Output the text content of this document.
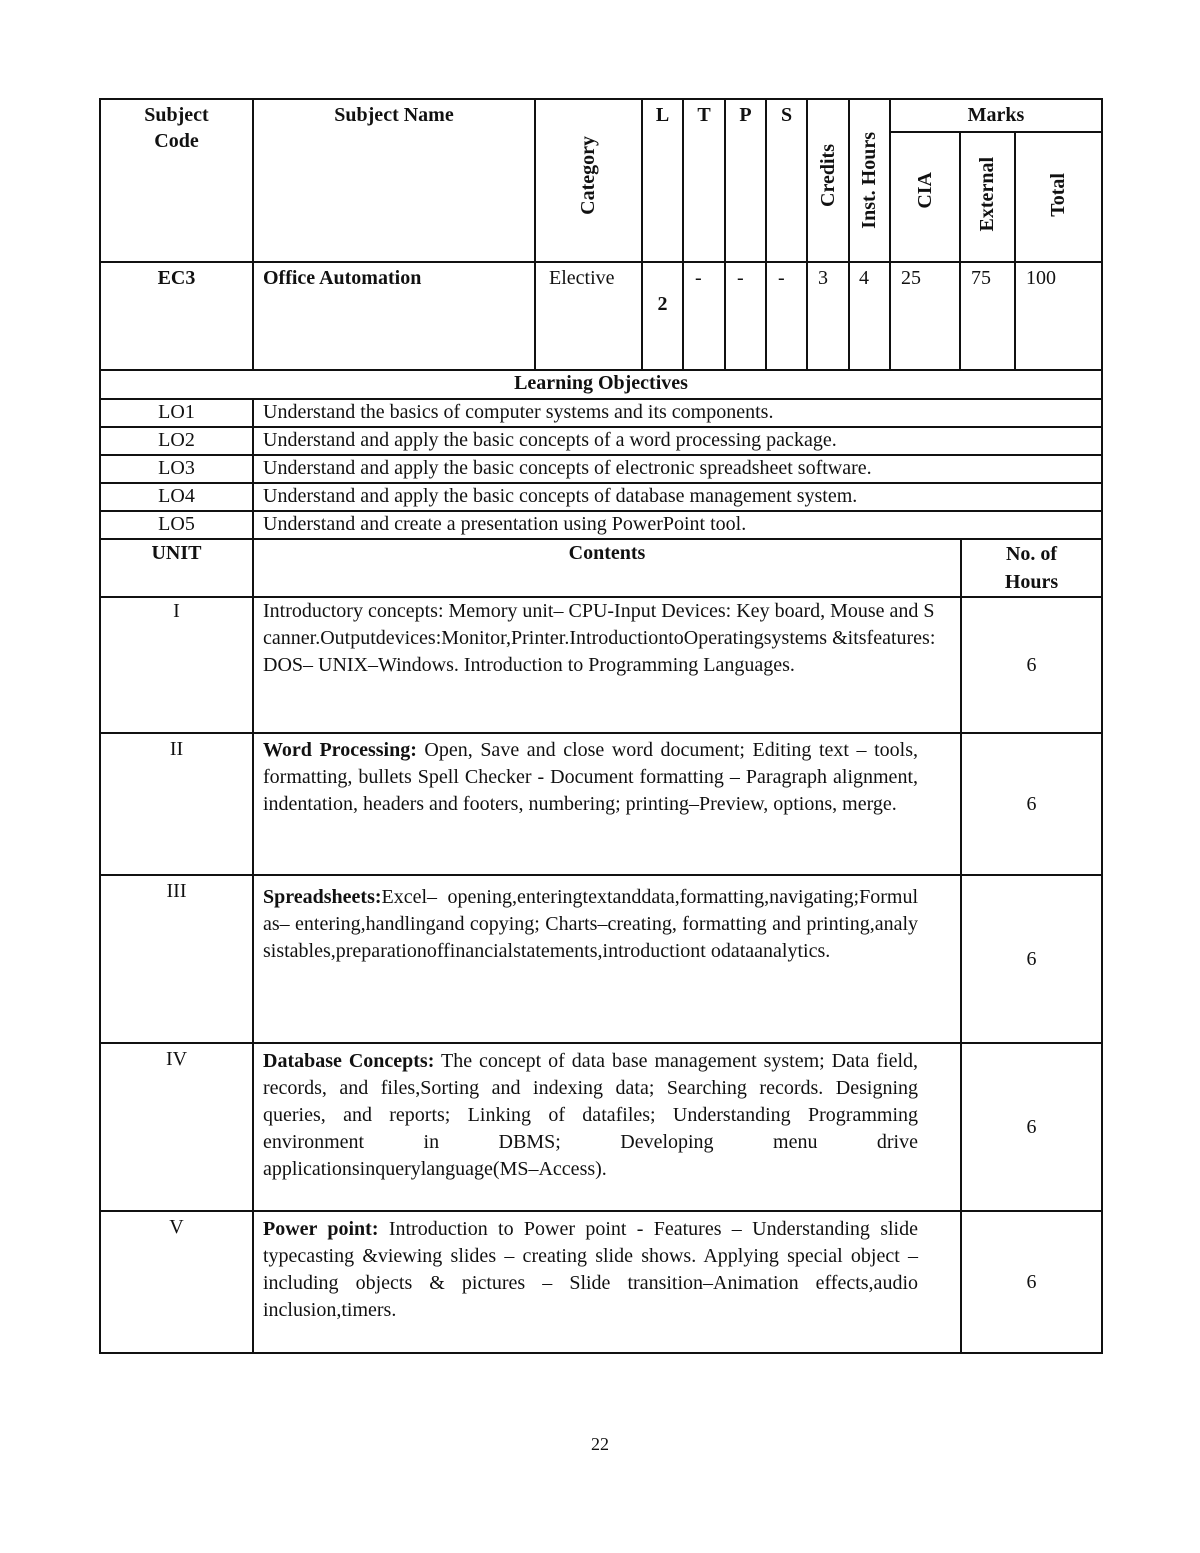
Subject Code	Subject Name	Category	L	T	P	S	Credits	Inst. Hours	Marks		
									CIA	External	Total
EC3	Office Automation	Elective	2	-	-	-	3	4	25	75	100
Learning Objectives		
LO1	Understand the basics of computer systems and its components.	
LO2	Understand and apply the basic concepts of a word processing package.	
LO3	Understand and apply the basic concepts of electronic spreadsheet software.	
LO4	Understand and apply the basic concepts of database management system.	
LO5	Understand and create a presentation using PowerPoint tool.	
UNIT	Contents	No. of Hours

I	Introductory concepts: Memory unit– CPU-Input Devices: Key board, Mouse and Scanner.Outputdevices:Monitor,Printer.IntroductiontoOperatingsystems &itsfeatures:DOS– UNIX–Windows. Introduction to Programming Languages.	6
II	Word Processing: Open, Save and close word document; Editing text – tools, formatting, bullets Spell Checker - Document formatting – Paragraph alignment, indentation, headers and footers, numbering; printing–Preview, options, merge.	6
III	Spreadsheets:Excel– opening,enteringtextanddata,formatting,navigating;Formulas– entering,handlingand copying; Charts–creating, formatting and printing,analysistables,preparationoffinancialstatements,introductiont odataanalytics.	6
IV	Database Concepts: The concept of data base management system; Data field, records, and files,Sorting and indexing data; Searching records. Designing queries, and reports; Linking of datafiles; Understanding Programming environment in DBMS; Developing menu drive applicationsinquerylanguage(MS–Access).	6
V	Power point: Introduction to Power point - Features – Understanding slide typecasting &viewing slides – creating slide shows. Applying special object – including objects & pictures – Slide transition–Animation effects,audio inclusion,timers.	6
22
